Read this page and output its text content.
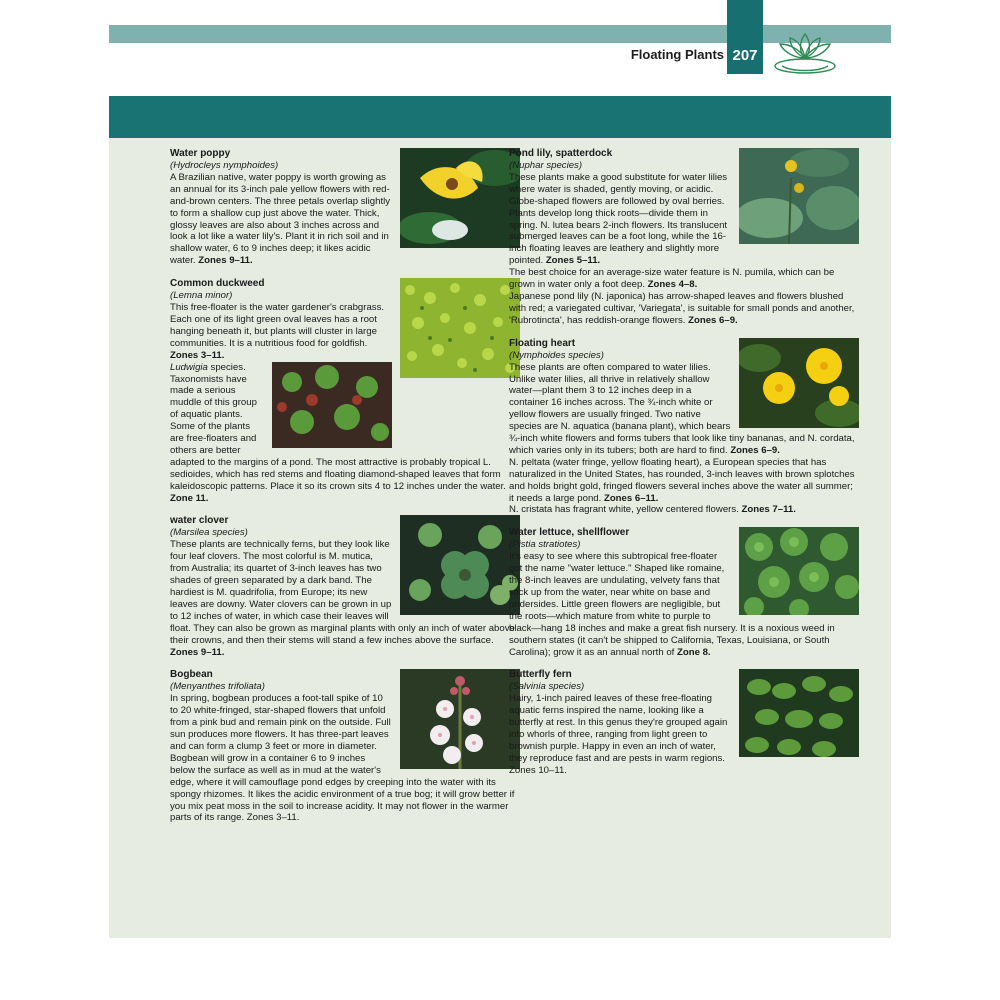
Floating Plants 207
Water poppy
(Hydrocleys nymphoides)

A Brazilian native, water poppy is worth growing as an annual for its 3-inch pale yellow flowers with red-and-brown centers. The three petals overlap slightly to form a shallow cup just above the water. Thick, glossy leaves are also about 3 inches across and look a lot like a water lily's. Plant it in rich soil and in shallow water, 6 to 9 inches deep; it likes acidic water. Zones 9–11.

Common duckweed
(Lemna minor)

This free-floater is the water gardener's crabgrass. Each one of its light green oval leaves has a root hanging beneath it, but plants will cluster in large communities. It is a nutritious food for goldfish.
Zones 3–11.

Ludwigia species. Taxonomists have made a serious muddle of this group of aquatic plants. Some of the plants are free-floaters and others are better adapted to the margins of a pond. The most attractive is probably tropical L. sedioides, which has red stems and floating diamond-shaped leaves that form kaleidoscopic patterns. Place it so its crown sits 4 to 12 inches under the water. Zone 11.

water clover
(Marsilea species)

These plants are technically ferns, but they look like four leaf clovers. The most colorful is M. mutica, from Australia; its quartet of 3-inch leaves has two shades of green separated by a dark band. The hardiest is M. quadrifolia, from Europe; its new leaves are downy. Water clovers can be grown in up to 12 inches of water, in which case their leaves will float. They can also be grown as marginal plants with only an inch of water above their crowns, and then their stems will stand a few inches above the surface. Zones 9–11.

Bogbean
(Menyanthes trifoliata)

In spring, bogbean produces a foot-tall spike of 10 to 20 white-fringed, star-shaped flowers that unfold from a pink bud and remain pink on the outside. Full sun produces more flowers. It has three-part leaves and can form a clump 3 feet or more in diameter. Bogbean will grow in a container 6 to 9 inches below the surface as well as in mud at the water's edge, where it will camouflage pond edges by creeping into the water with its spongy rhizomes. It likes the acidic environment of a true bog; it will grow better if you mix peat moss in the soil to increase acidity. It may not flower in the warmer parts of its range. Zones 3–11.

Pond lily, spatterdock
(Nuphar species)

These plants make a good substitute for water lilies where water is shaded, gently moving, or acidic. Globe-shaped flowers are followed by oval berries. Plants develop long thick roots—divide them in spring. N. lutea bears 2-inch flowers. Its translucent submerged leaves can be a foot long, while the 16-inch floating leaves are leathery and slightly more pointed. Zones 5–11.

The best choice for an average-size water feature is N. pumila, which can be grown in water only a foot deep. Zones 4–8.

Japanese pond lily (N. japonica) has arrow-shaped leaves and flowers blushed with red; a variegated cultivar, 'Variegata', is suitable for small ponds and another, 'Rubrotincta', has reddish-orange flowers. Zones 6–9.

Floating heart
(Nymphoides species)

These plants are often compared to water lilies. Unlike water lilies, all thrive in relatively shallow water—plant them 3 to 12 inches deep in a container 16 inches across. The ¾-inch white or yellow flowers are usually fringed. Two native species are N. aquatica (banana plant), which bears ¾-inch white flowers and forms tubers that look like tiny bananas, and N. cordata, which varies only in its tubers; both are hard to find. Zones 6–9.

N. peltata (water fringe, yellow floating heart), a European species that has naturalized in the United States, has rounded, 3-inch leaves with brown splotches and holds bright gold, fringed flowers several inches above the water all summer; it needs a large pond. Zones 6–11.

N. cristata has fragrant white, yellow centered flowers. Zones 7–11.

Water lettuce, shellflower
(Pistia stratiotes)

It's easy to see where this subtropical free-floater got the name "water lettuce." Shaped like romaine, the 8-inch leaves are undulating, velvety fans that stick up from the water, near white on base and undersides. Little green flowers are negligible, but the roots—which mature from white to purple to black—hang 18 inches and make a great fish nursery. It is a noxious weed in southern states (it can't be shipped to California, Texas, Louisiana, or South Carolina); grow it as an annual north of Zone 8.

Butterfly fern
(Salvinia species)

Hairy, 1-inch paired leaves of these free-floating aquatic ferns inspired the name, looking like a butterfly at rest. In this genus they're grouped again into whorls of three, ranging from light green to brownish purple. Happy in even an inch of water, they reproduce fast and are pests in warm regions. Zones 10–11.
